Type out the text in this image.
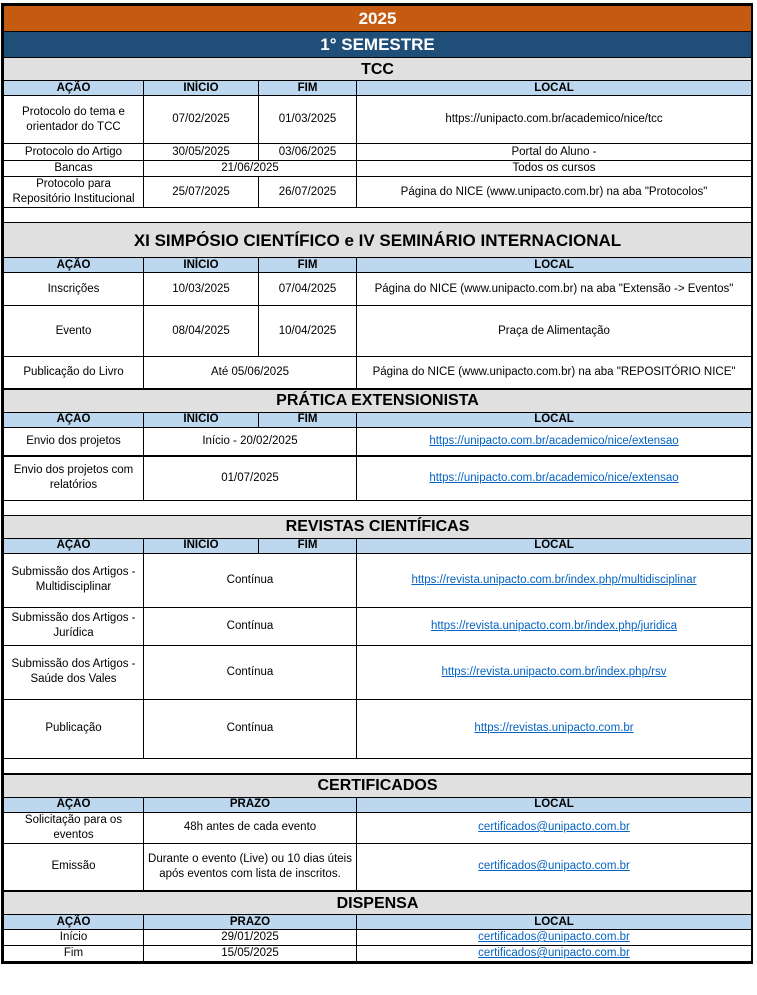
2025			
1° SEMESTRE			
TCC			
AÇÃO	INÍCIO	FIM	LOCAL
Protocolo do tema e orientador do TCC	07/02/2025	01/03/2025	https://unipacto.com.br/academico/nice/tcc
Protocolo do Artigo	30/05/2025	03/06/2025	Portal do Aluno -
Bancas	21/06/2025		Todos os cursos
Protocolo para Repositório Institucional	25/07/2025	26/07/2025	Página do NICE (www.unipacto.com.br) na aba "Protocolos"

XI SIMPÓSIO CIENTÍFICO e IV SEMINÁRIO INTERNACIONAL			
AÇÃO	INÍCIO	FIM	LOCAL
Inscrições	10/03/2025	07/04/2025	Página do NICE (www.unipacto.com.br) na aba "Extensão -> Eventos"
Evento	08/04/2025	10/04/2025	Praça de Alimentação
Publicação do Livro	Até 05/06/2025		Página do NICE (www.unipacto.com.br) na aba "REPOSITÓRIO NICE"
PRÁTICA EXTENSIONISTA			
AÇÃO	INÍCIO	FIM	LOCAL
Envio dos projetos	Início - 20/02/2025		https://unipacto.com.br/academico/nice/extensao
Envio dos projetos com relatórios	01/07/2025		https://unipacto.com.br/academico/nice/extensao

REVISTAS CIENTÍFICAS			
AÇÃO	INÍCIO	FIM	LOCAL
Submissão dos Artigos - Multidisciplinar	Contínua		https://revista.unipacto.com.br/index.php/multidisciplinar
Submissão dos Artigos - Jurídica	Contínua		https://revista.unipacto.com.br/index.php/juridica
Submissão dos Artigos - Saúde dos Vales	Contínua		https://revista.unipacto.com.br/index.php/rsv
Publicação	Contínua		https://revistas.unipacto.com.br

CERTIFICADOS			
AÇÃO	PRAZO		LOCAL
Solicitação para os eventos	48h antes de cada evento		certificados@unipacto.com.br
Emissão	Durante o evento (Live) ou 10 dias úteis após eventos com lista de inscritos.		certificados@unipacto.com.br
DISPENSA			
AÇÃO	PRAZO		LOCAL
Início	29/01/2025		certificados@unipacto.com.br
Fim	15/05/2025		certificados@unipacto.com.br
